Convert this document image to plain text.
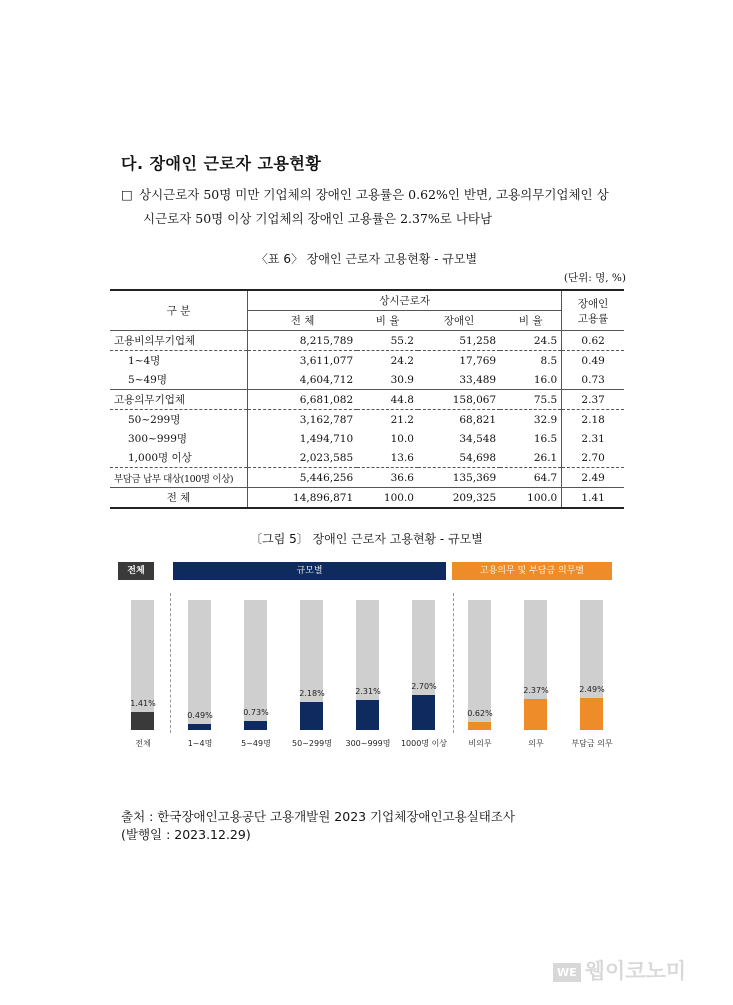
다. 장애인 근로자 고용현황
□ 상시근로자 50명 미만 기업체의 장애인 고용률은 0.62%인 반면, 고용의무기업체인 상
시근로자 50명 이상 기업체의 장애인 고용률은 2.37%로 나타남
〈표 6〉 장애인 근로자 고용현황 - 규모별
(단위: 명, %)
구 분	상시근로자				장애인
고용률

	전 체	비 율	장애인	비 율	
고용비의무기업체	8,215,789	55.2	51,258	24.5	0.62
1~4명	3,611,077	24.2	17,769	8.5	0.49
5~49명	4,604,712	30.9	33,489	16.0	0.73
고용의무기업체	6,681,082	44.8	158,067	75.5	2.37
50~299명	3,162,787	21.2	68,821	32.9	2.18
300~999명	1,494,710	10.0	34,548	16.5	2.31
1,000명 이상	2,023,585	13.6	54,698	26.1	2.70
부담금 납부 대상(100명 이상)	5,446,256	36.6	135,369	64.7	2.49
전 체	14,896,871	100.0	209,325	100.0	1.41
〔그림 5〕 장애인 근로자 고용현황 - 규모별
전체	규모별	고용의무 및 부담금 의무별
1.41%
전체
0.49%
1~4명
0.73%
5~49명
2.18%
50~299명
2.31%
300~999명
2.70%
1000명 이상
0.62%
비의무
2.37%
의무
2.49%
부담금 의무
출처 : 한국장애인고용공단 고용개발원 2023 기업체장애인고용실태조사
(발행일 : 2023.12.29)
WE 웹이코노미
